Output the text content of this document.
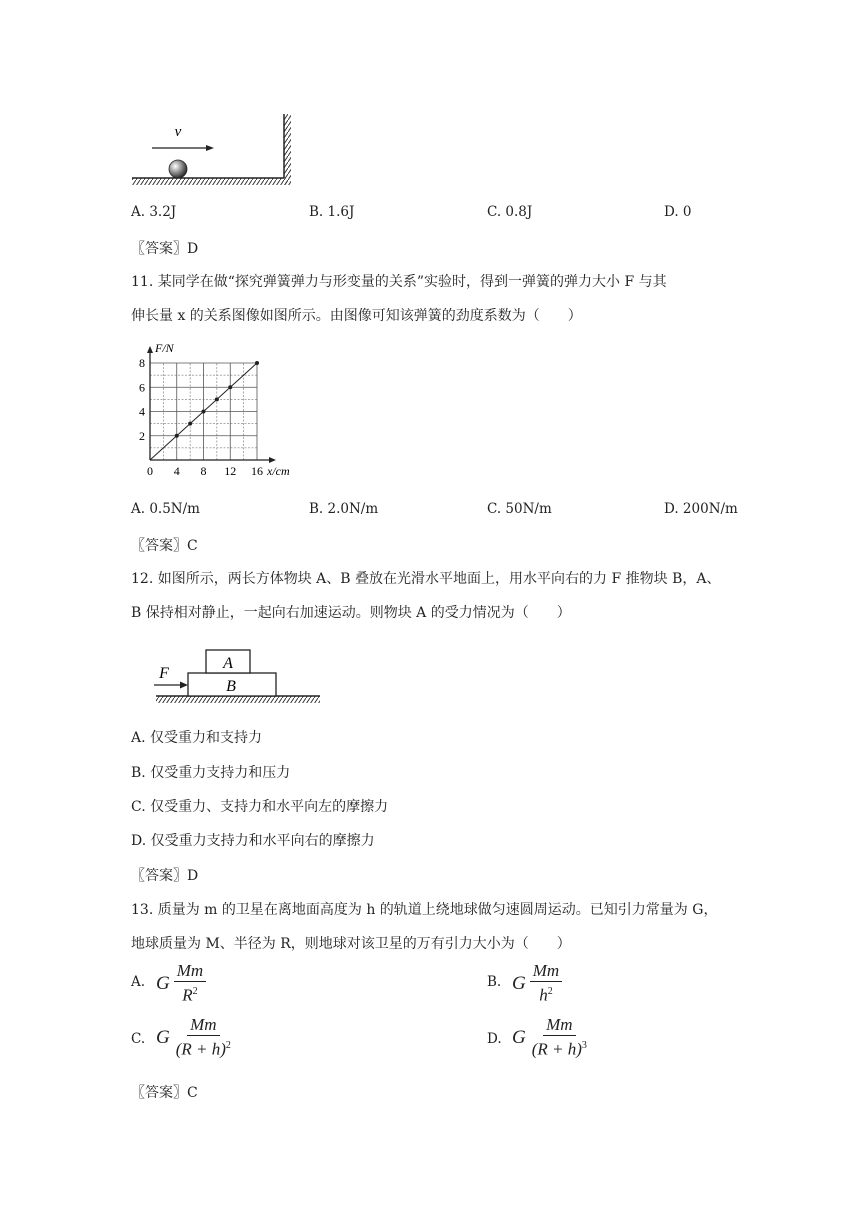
v
A. 3.2J	B. 1.6J	C. 0.8J	D. 0
〖答案〗D
11. 某同学在做“探究弹簧弹力与形变量的关系”实验时，得到一弹簧的弹力大小 F 与其
伸长量 x 的关系图像如图所示。由图像可知该弹簧的劲度系数为（　　）
0 4 8 12 16
2
4
6
8
F/N
x/cm
A. 0.5N/m	B. 2.0N/m	C. 50N/m	D. 200N/m
〖答案〗C
12. 如图所示，两长方体物块 A、B 叠放在光滑水平地面上，用水平向右的力 F 推物块 B，A、
B 保持相对静止，一起向右加速运动。则物块 A 的受力情况为（　　）
A
B
F
A. 仅受重力和支持力
B. 仅受重力支持力和压力
C. 仅受重力、支持力和水平向左的摩擦力
D. 仅受重力支持力和水平向右的摩擦力
〖答案〗D
13. 质量为 m 的卫星在离地面高度为 h 的轨道上绕地球做匀速圆周运动。已知引力常量为 G，
地球质量为 M、半径为 R，则地球对该卫星的万有引力大小为（　　）
A. G $\frac{Mm}{R^2}$	B. G $\frac{Mm}{h^2}$
C. G $\frac{Mm}{(R + h)^2}$	D. G $\frac{Mm}{(R + h)^3}$
〖答案〗C
